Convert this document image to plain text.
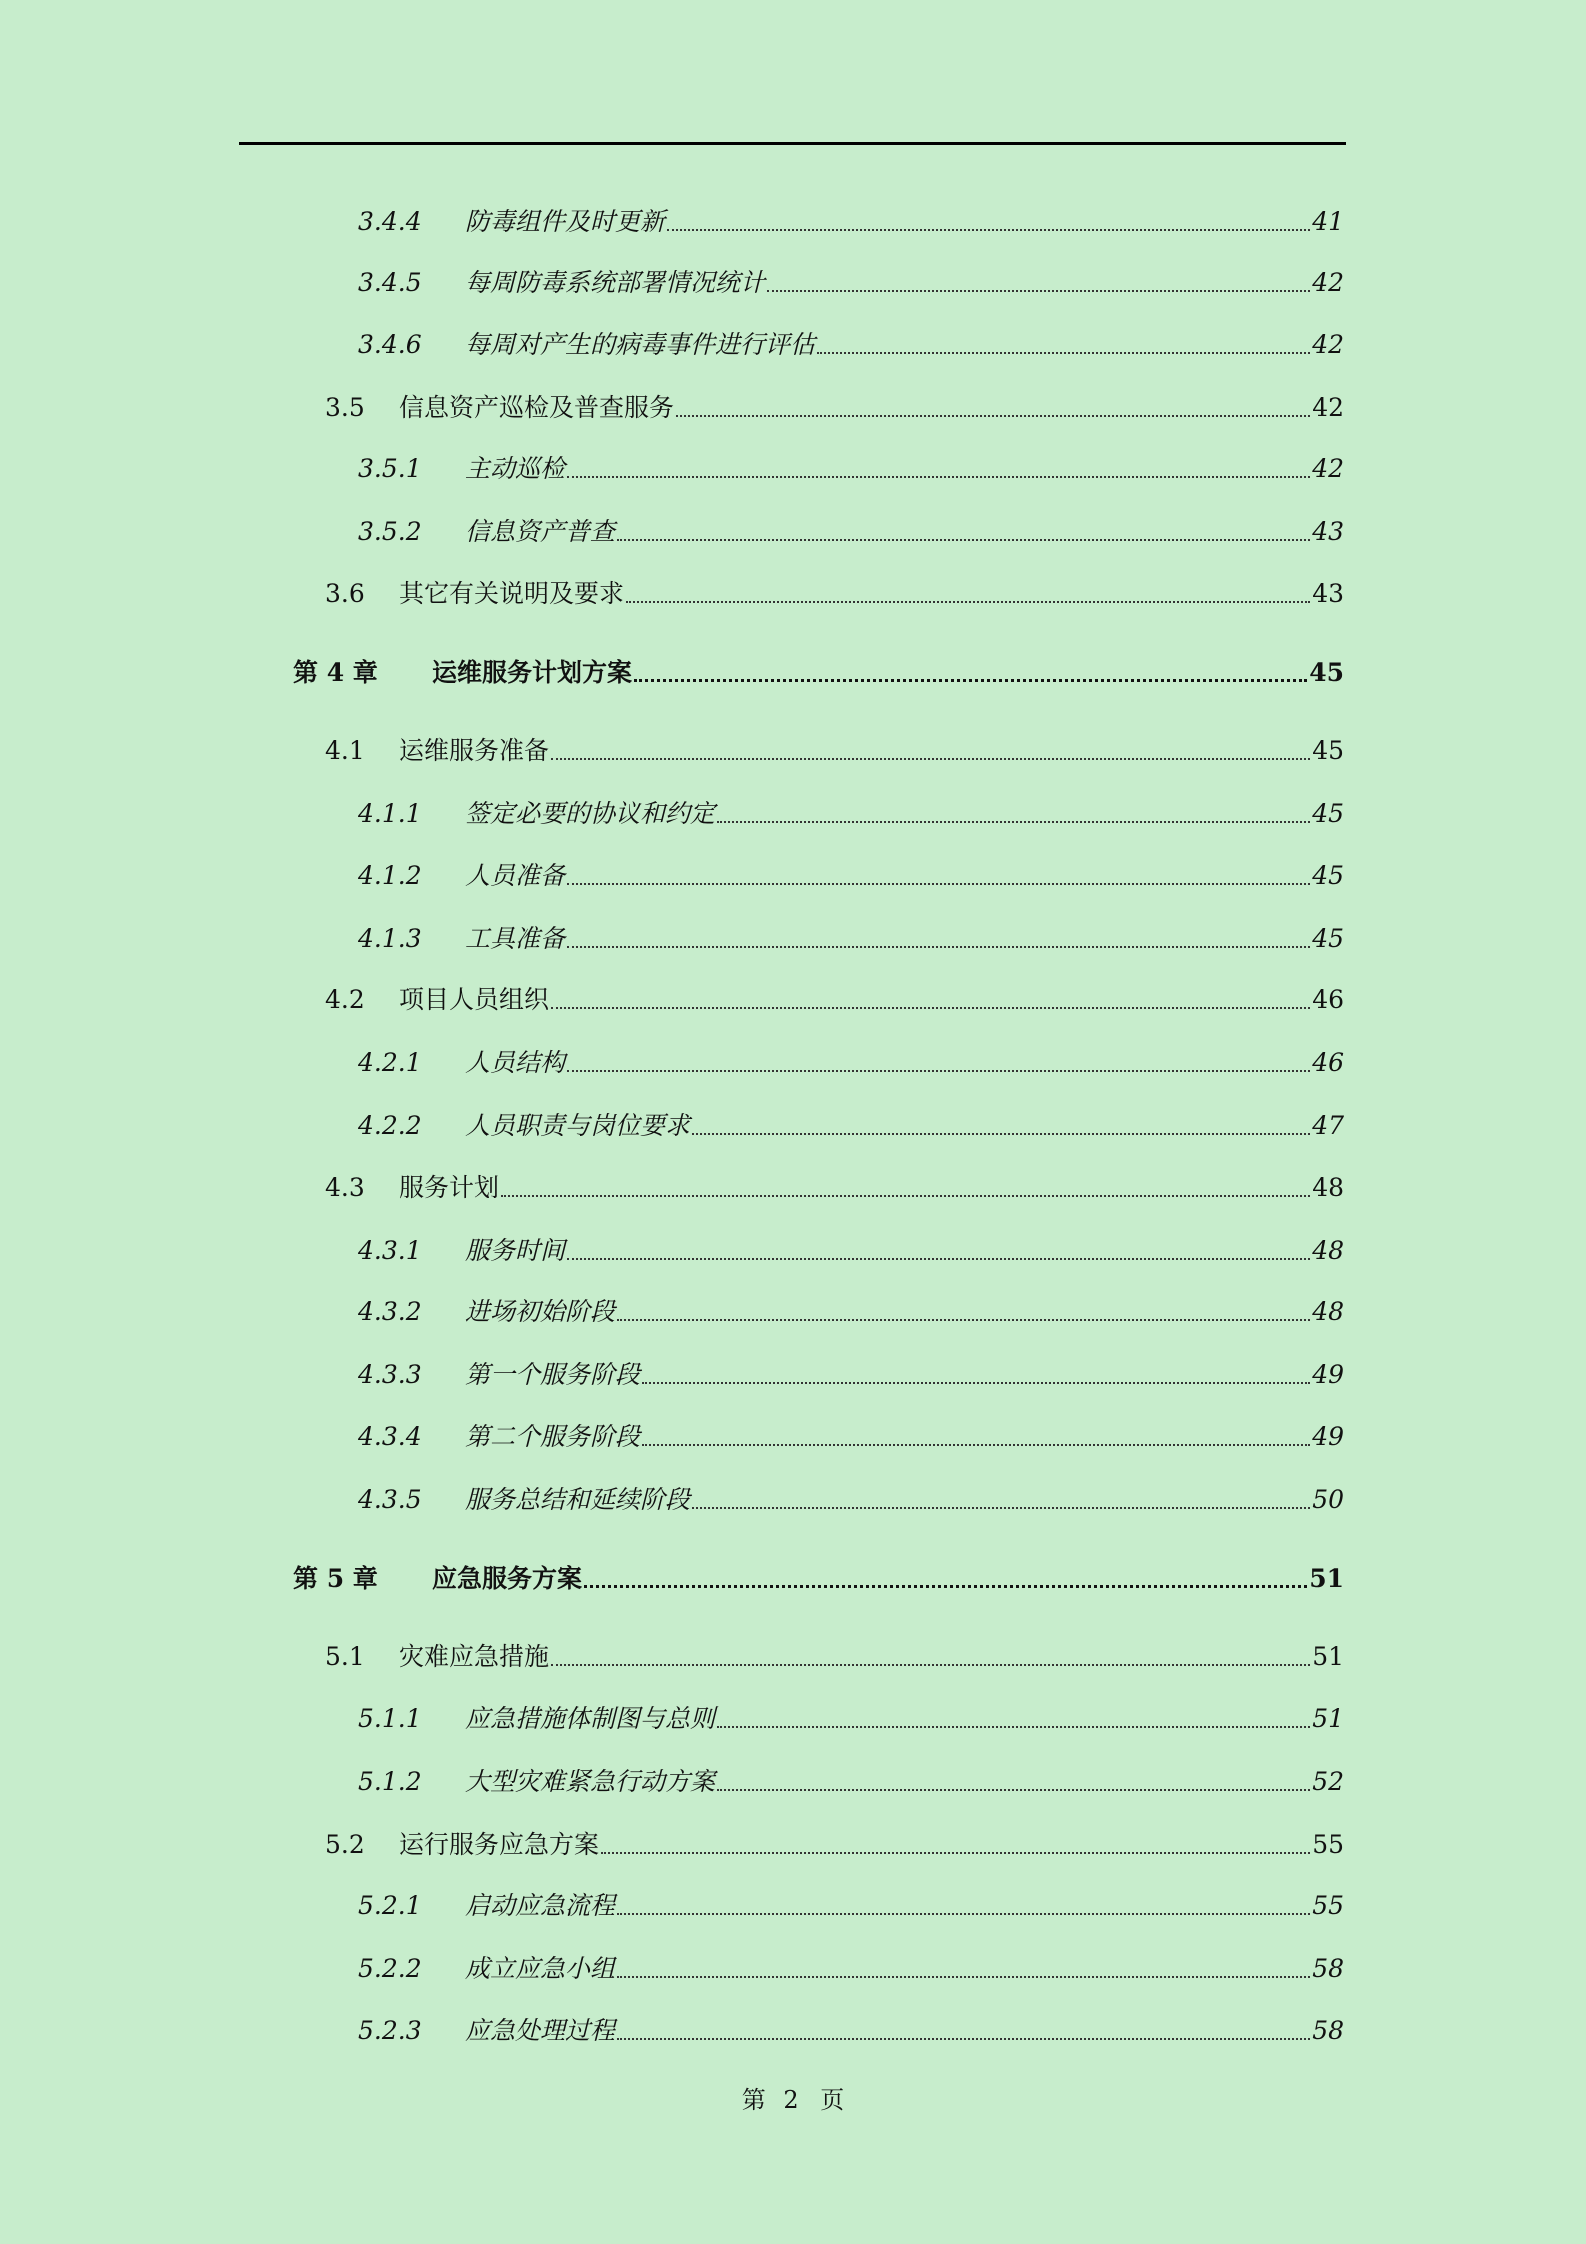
3.4.4 防毒组件及时更新	41
3.4.5 每周防毒系统部署情况统计	42
3.4.6 每周对产生的病毒事件进行评估	42
3.5 信息资产巡检及普查服务	42
3.5.1 主动巡检	42
3.5.2 信息资产普查	43
3.6 其它有关说明及要求	43
第 4 章 运维服务计划方案	45
4.1 运维服务准备	45
4.1.1 签定必要的协议和约定	45
4.1.2 人员准备	45
4.1.3 工具准备	45
4.2 项目人员组织	46
4.2.1 人员结构	46
4.2.2 人员职责与岗位要求	47
4.3 服务计划	48
4.3.1 服务时间	48
4.3.2 进场初始阶段	48
4.3.3 第一个服务阶段	49
4.3.4 第二个服务阶段	49
4.3.5 服务总结和延续阶段	50
第 5 章 应急服务方案	51
5.1 灾难应急措施	51
5.1.1 应急措施体制图与总则	51
5.1.2 大型灾难紧急行动方案	52
5.2 运行服务应急方案	55
5.2.1 启动应急流程	55
5.2.2 成立应急小组	58
5.2.3 应急处理过程	58
第 2 页
